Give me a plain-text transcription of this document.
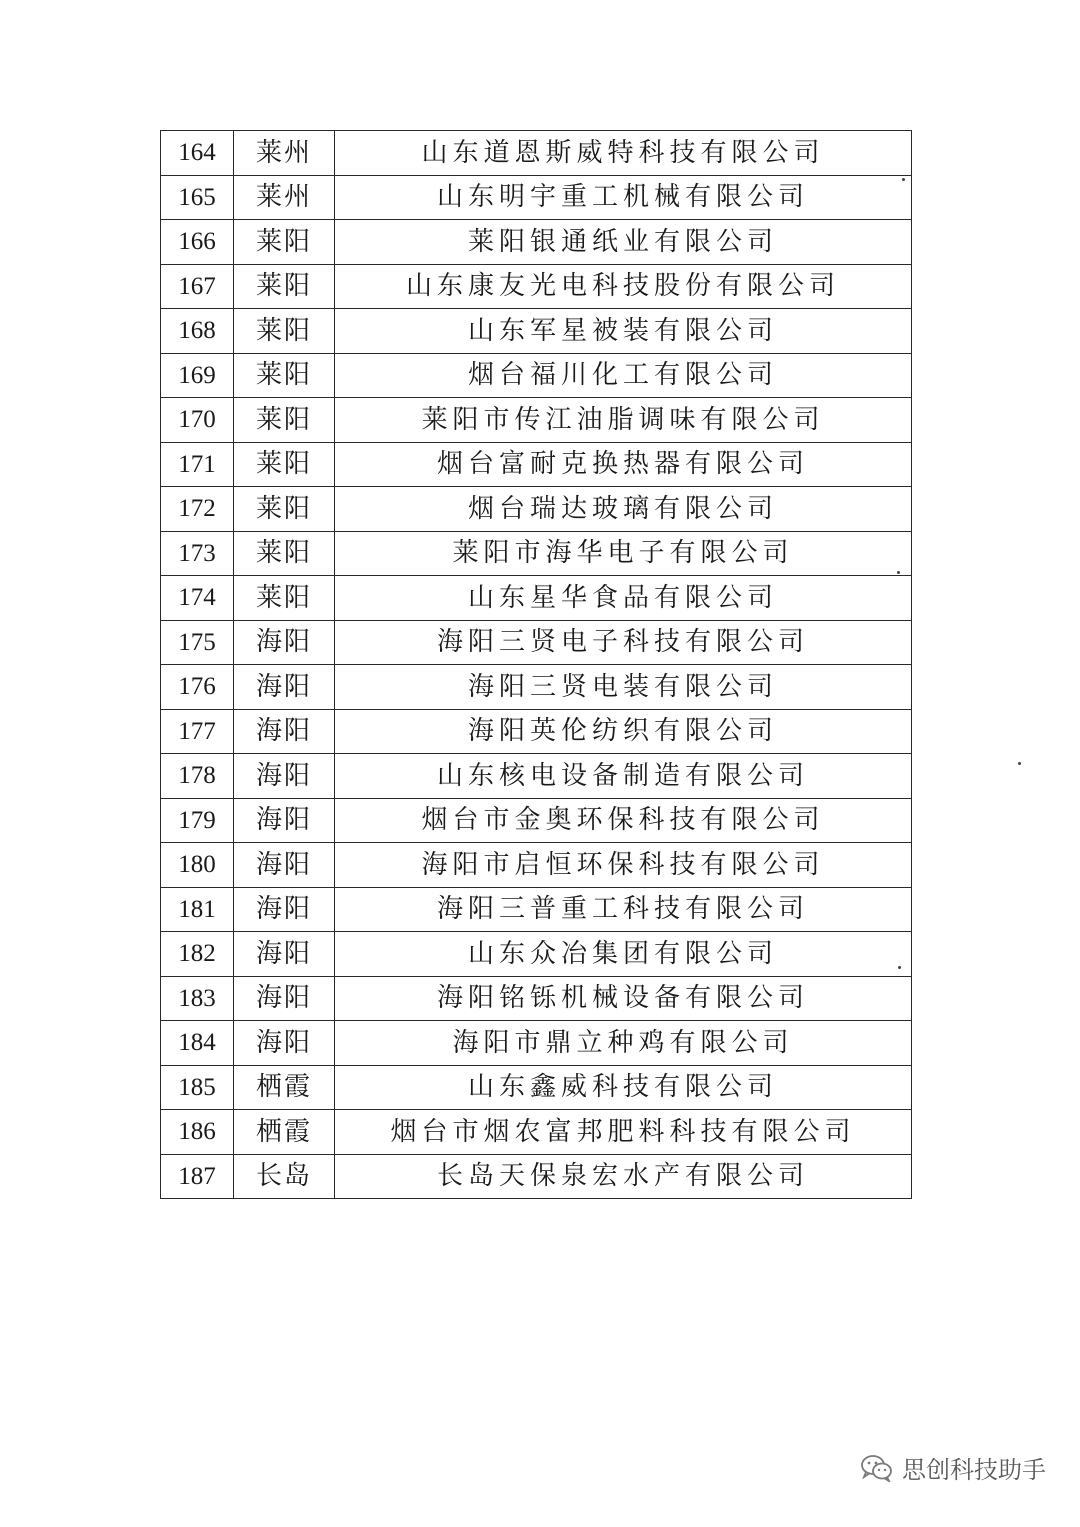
164	莱州	山东道恩斯威特科技有限公司
165	莱州	山东明宇重工机械有限公司
166	莱阳	莱阳银通纸业有限公司
167	莱阳	山东康友光电科技股份有限公司
168	莱阳	山东军星被装有限公司
169	莱阳	烟台福川化工有限公司
170	莱阳	莱阳市传江油脂调味有限公司
171	莱阳	烟台富耐克换热器有限公司
172	莱阳	烟台瑞达玻璃有限公司
173	莱阳	莱阳市海华电子有限公司
174	莱阳	山东星华食品有限公司
175	海阳	海阳三贤电子科技有限公司
176	海阳	海阳三贤电装有限公司
177	海阳	海阳英伦纺织有限公司
178	海阳	山东核电设备制造有限公司
179	海阳	烟台市金奥环保科技有限公司
180	海阳	海阳市启恒环保科技有限公司
181	海阳	海阳三普重工科技有限公司
182	海阳	山东众冶集团有限公司
183	海阳	海阳铭铄机械设备有限公司
184	海阳	海阳市鼎立种鸡有限公司
185	栖霞	山东鑫威科技有限公司
186	栖霞	烟台市烟农富邦肥料科技有限公司
187	长岛	长岛天保泉宏水产有限公司
思创科技助手
